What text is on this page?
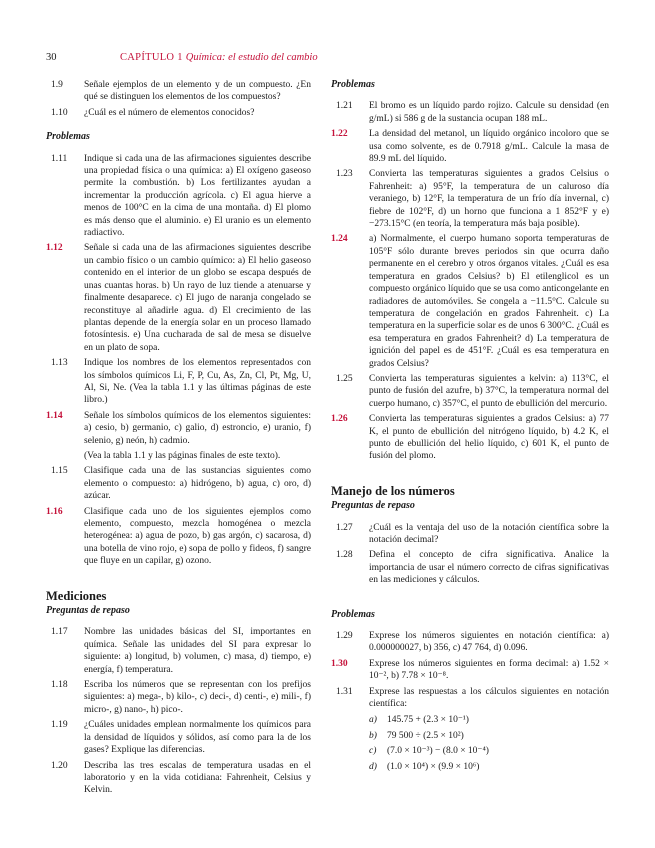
30	CAPÍTULO 1 Química: el estudio del cambio
1.9 Señale ejemplos de un elemento y de un compuesto. ¿En qué se distinguen los elementos de los compuestos?
1.10 ¿Cuál es el número de elementos conocidos?
Problemas
1.11 Indique si cada una de las afirmaciones siguientes describe una propiedad física o una química: a) El oxígeno gaseoso permite la combustión. b) Los fertilizantes ayudan a incrementar la producción agrícola. c) El agua hierve a menos de 100°C en la cima de una montaña. d) El plomo es más denso que el aluminio. e) El uranio es un elemento radiactivo.
1.12 Señale si cada una de las afirmaciones siguientes describe un cambio físico o un cambio químico: a) El helio gaseoso contenido en el interior de un globo se escapa después de unas cuantas horas. b) Un rayo de luz tiende a atenuarse y finalmente desaparece. c) El jugo de naranja congelado se reconstituye al añadirle agua. d) El crecimiento de las plantas depende de la energía solar en un proceso llamado fotosíntesis. e) Una cucharada de sal de mesa se disuelve en un plato de sopa.
1.13 Indique los nombres de los elementos representados con los símbolos químicos Li, F, P, Cu, As, Zn, Cl, Pt, Mg, U, Al, Si, Ne. (Vea la tabla 1.1 y las últimas páginas de este libro.)
1.14 Señale los símbolos químicos de los elementos siguientes: a) cesio, b) germanio, c) galio, d) estroncio, e) uranio, f) selenio, g) neón, h) cadmio.
(Vea la tabla 1.1 y las páginas finales de este texto).
1.15 Clasifique cada una de las sustancias siguientes como elemento o compuesto: a) hidrógeno, b) agua, c) oro, d) azúcar.
1.16 Clasifique cada uno de los siguientes ejemplos como elemento, compuesto, mezcla homogénea o mezcla heterogénea: a) agua de pozo, b) gas argón, c) sacarosa, d) una botella de vino rojo, e) sopa de pollo y fideos, f) sangre que fluye en un capilar, g) ozono.
Mediciones
Preguntas de repaso
1.17 Nombre las unidades básicas del SI, importantes en química. Señale las unidades del SI para expresar lo siguiente: a) longitud, b) volumen, c) masa, d) tiempo, e) energía, f) temperatura.
1.18 Escriba los números que se representan con los prefijos siguientes: a) mega-, b) kilo-, c) deci-, d) centi-, e) mili-, f) micro-, g) nano-, h) pico-.
1.19 ¿Cuáles unidades emplean normalmente los químicos para la densidad de líquidos y sólidos, así como para la de los gases? Explique las diferencias.
1.20 Describa las tres escalas de temperatura usadas en el laboratorio y en la vida cotidiana: Fahrenheit, Celsius y Kelvin.
Problemas
1.21 El bromo es un líquido pardo rojizo. Calcule su densidad (en g/mL) si 586 g de la sustancia ocupan 188 mL.
1.22 La densidad del metanol, un líquido orgánico incoloro que se usa como solvente, es de 0.7918 g/mL. Calcule la masa de 89.9 mL del líquido.
1.23 Convierta las temperaturas siguientes a grados Celsius o Fahrenheit: a) 95°F, la temperatura de un caluroso día veraniego, b) 12°F, la temperatura de un frío día invernal, c) fiebre de 102°F, d) un horno que funciona a 1 852°F y e) −273.15°C (en teoría, la temperatura más baja posible).
1.24 a) Normalmente, el cuerpo humano soporta temperaturas de 105°F sólo durante breves periodos sin que ocurra daño permanente en el cerebro y otros órganos vitales. ¿Cuál es esa temperatura en grados Celsius? b) El etilenglicol es un compuesto orgánico líquido que se usa como anticongelante en radiadores de automóviles. Se congela a −11.5°C. Calcule su temperatura de congelación en grados Fahrenheit. c) La temperatura en la superficie solar es de unos 6 300°C. ¿Cuál es esa temperatura en grados Fahrenheit? d) La temperatura de ignición del papel es de 451°F. ¿Cuál es esa temperatura en grados Celsius?
1.25 Convierta las temperaturas siguientes a kelvin: a) 113°C, el punto de fusión del azufre, b) 37°C, la temperatura normal del cuerpo humano, c) 357°C, el punto de ebullición del mercurio.
1.26 Convierta las temperaturas siguientes a grados Celsius: a) 77 K, el punto de ebullición del nitrógeno líquido, b) 4.2 K, el punto de ebullición del helio líquido, c) 601 K, el punto de fusión del plomo.
Manejo de los números
Preguntas de repaso
1.27 ¿Cuál es la ventaja del uso de la notación científica sobre la notación decimal?
1.28 Defina el concepto de cifra significativa. Analice la importancia de usar el número correcto de cifras significativas en las mediciones y cálculos.
Problemas
1.29 Exprese los números siguientes en notación científica: a) 0.000000027, b) 356, c) 47 764, d) 0.096.
1.30 Exprese los números siguientes en forma decimal: a) 1.52 × 10⁻², b) 7.78 × 10⁻⁸.
1.31 Exprese las respuestas a los cálculos siguientes en notación científica:
a) 145.75 + (2.3 × 10⁻¹)
b) 79 500 ÷ (2.5 × 10²)
c) (7.0 × 10⁻³) − (8.0 × 10⁻⁴)
d) (1.0 × 10⁴) × (9.9 × 10⁶)
